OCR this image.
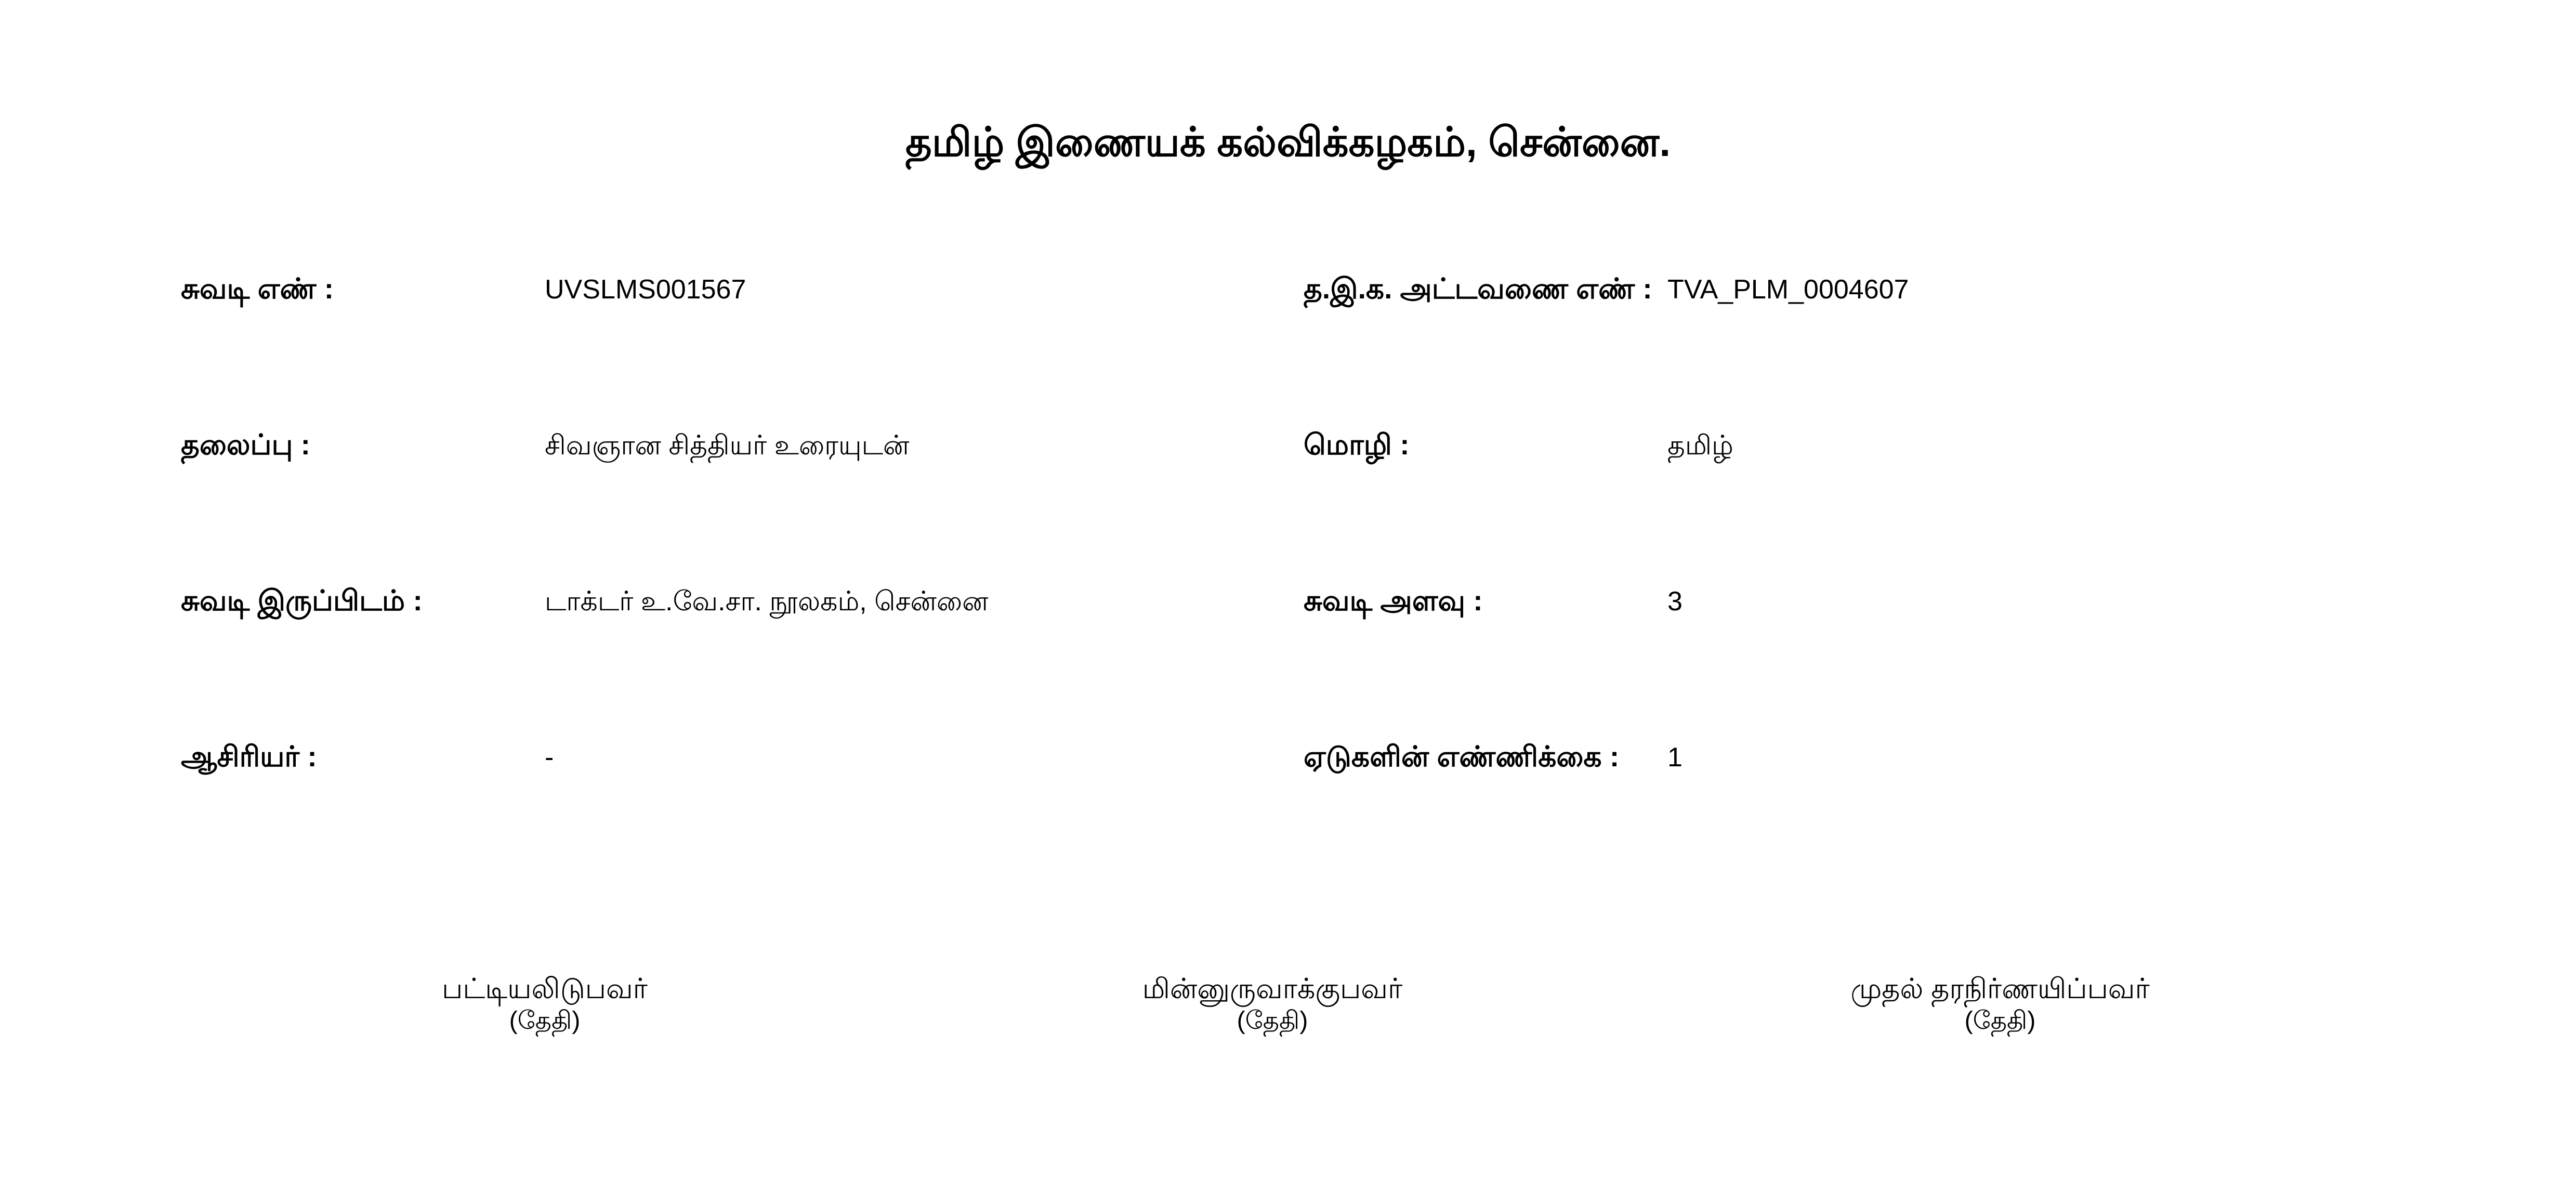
தமிழ் இணையக் கல்விக்கழகம், சென்னை.
சுவடி எண் :	UVSLMS001567	த.இ.க. அட்டவணை எண் : TVA_PLM_0004607
தலைப்பு :	சிவஞான சித்தியர் உரையுடன்	மொழி :	தமிழ்
சுவடி இருப்பிடம் :	டாக்டர் உ.வே.சா. நூலகம், சென்னை	சுவடி அளவு :	3
ஆசிரியர் :	-	ஏடுகளின் எண்ணிக்கை :	1
பட்டியலிடுபவர்
(தேதி)
மின்னுருவாக்குபவர்
(தேதி)
முதல் தரநிர்ணயிப்பவர்
(தேதி)
